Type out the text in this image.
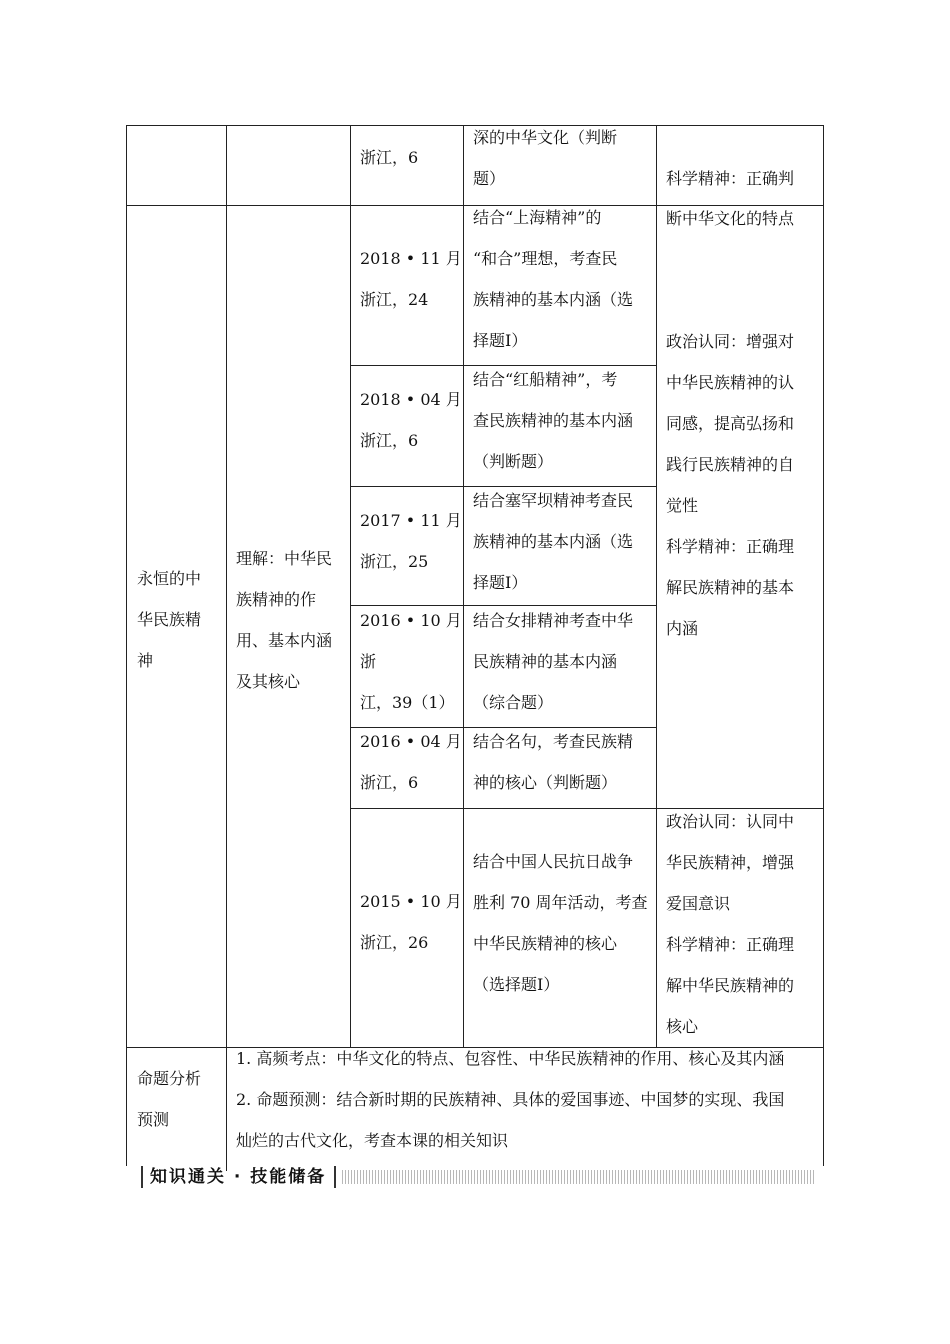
浙江，6
深的中华文化（判断
题）	科学精神：正确判
永恒的中
华民族精
神
理解：中华民
族精神的作
用、基本内涵
及其核心
断中华文化的特点

政治认同：增强对
中华民族精神的认
同感，提高弘扬和
践行民族精神的自
觉性
科学精神：正确理
解民族精神的基本
内涵
政治认同：认同中
华民族精神，增强
爱国意识
科学精神：正确理
解中华民族精神的
核心
2018 • 11 月
浙江，24
结合“上海精神”的
“和合”理想，考查民
族精神的基本内涵（选
择题Ⅰ）
2018 • 04 月
浙江，6
结合“红船精神”，考
查民族精神的基本内涵
（判断题）
2017 • 11 月
浙江，25
结合塞罕坝精神考查民
族精神的基本内涵（选
择题Ⅰ）
2016 • 10 月
浙
江，39（1）
结合女排精神考查中华
民族精神的基本内涵
（综合题）
2016 • 04 月
浙江，6
结合名句，考查民族精
神的核心（判断题）
2015 • 10 月
浙江，26
结合中国人民抗日战争
胜利 70 周年活动，考查
中华民族精神的核心
（选择题Ⅰ）
命题分析
预测
1. 高频考点：中华文化的特点、包容性、中华民族精神的作用、核心及其内涵
2. 命题预测：结合新时期的民族精神、具体的爱国事迹、中国梦的实现、我国
灿烂的古代文化，考查本课的相关知识
知识通关 · 技能储备
